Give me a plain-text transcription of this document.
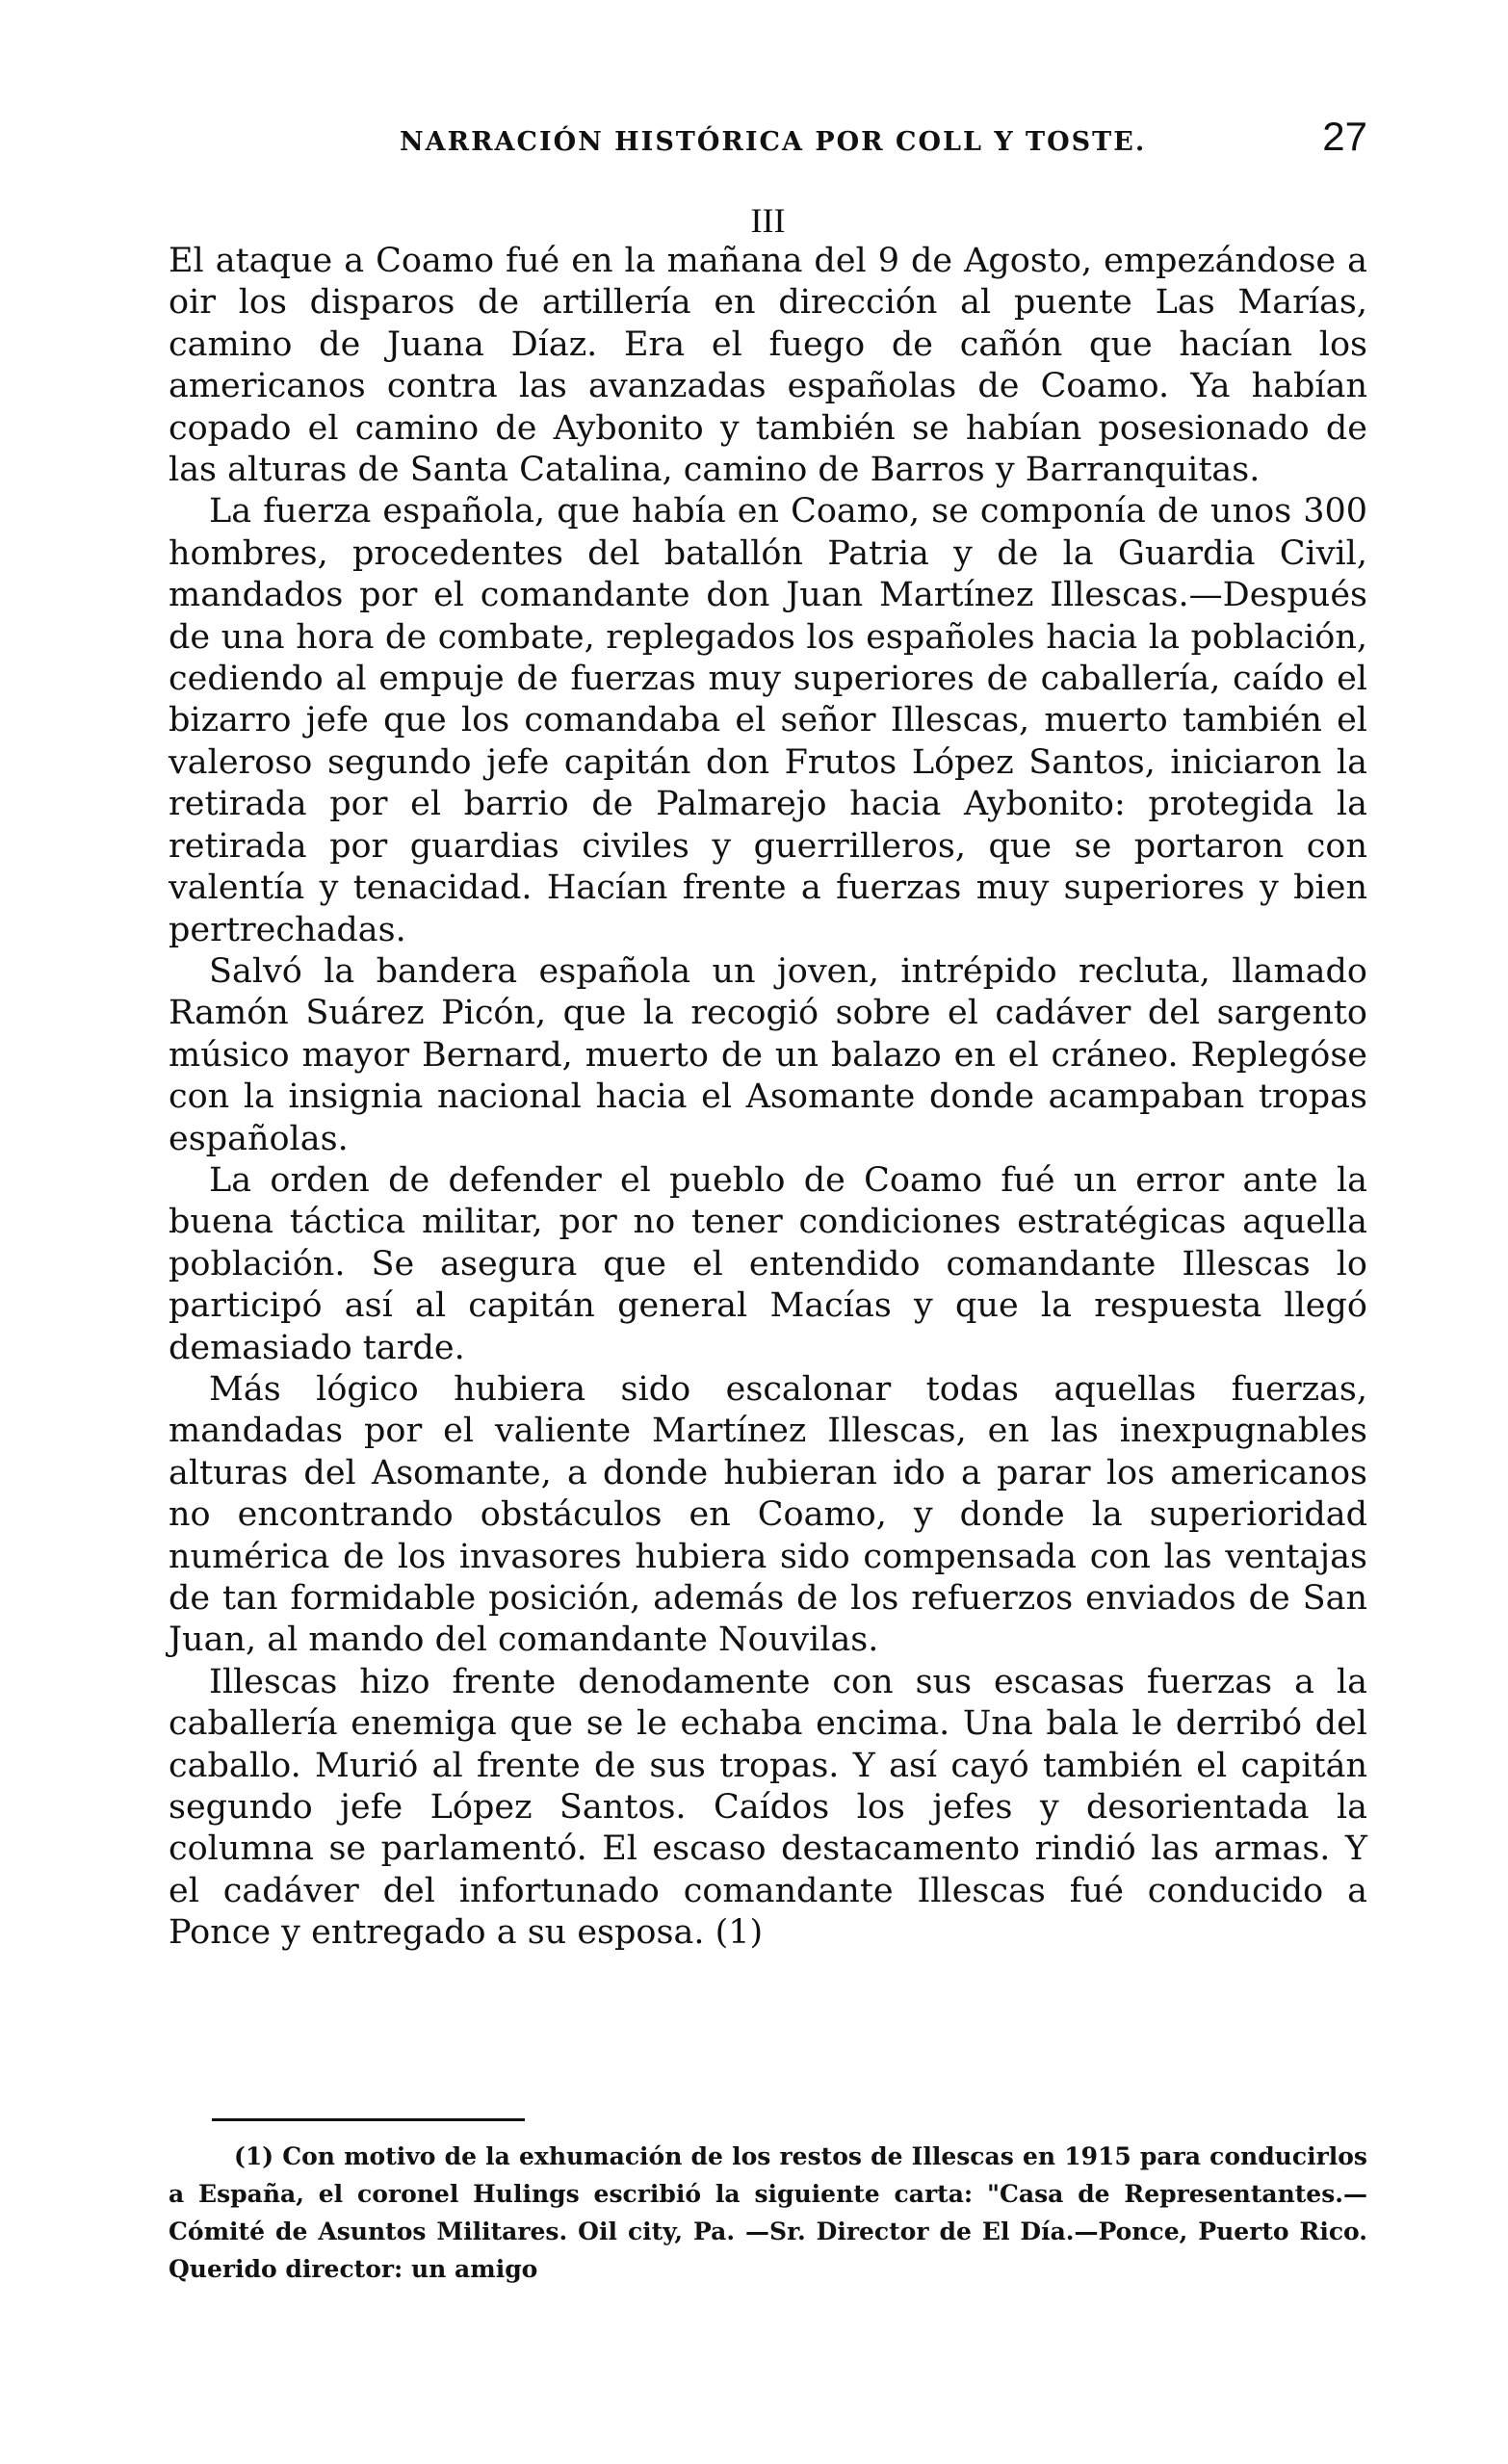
NARRACIÓN HISTÓRICA POR COLL Y TOSTE.	27
III

El ataque a Coamo fué en la mañana del 9 de Agosto, empezándose a oir los disparos de artillería en dirección al puente Las Marías, camino de Juana Díaz. Era el fuego de cañón que hacían los americanos contra las avanzadas españolas de Coamo. Ya habían copado el camino de Aybonito y también se habían posesionado de las alturas de Santa Catalina, camino de Barros y Barranquitas.

La fuerza española, que había en Coamo, se componía de unos 300 hombres, procedentes del batallón Patria y de la Guardia Civil, mandados por el comandante don Juan Martínez Illescas.—Después de una hora de combate, replegados los españoles hacia la población, cediendo al empuje de fuerzas muy superiores de caballería, caído el bizarro jefe que los comandaba el señor Illescas, muerto también el valeroso segundo jefe capitán don Frutos López Santos, iniciaron la retirada por el barrio de Palmarejo hacia Aybonito: protegida la retirada por guardias civiles y guerrilleros, que se portaron con valentía y tenacidad. Hacían frente a fuerzas muy superiores y bien pertrechadas.

Salvó la bandera española un joven, intrépido recluta, llamado Ramón Suárez Picón, que la recogió sobre el cadáver del sargento músico mayor Bernard, muerto de un balazo en el cráneo. Replegóse con la insignia nacional hacia el Asomante donde acampaban tropas españolas.

La orden de defender el pueblo de Coamo fué un error ante la buena táctica militar, por no tener condiciones estratégicas aquella población. Se asegura que el entendido comandante Illescas lo participó así al capitán general Macías y que la respuesta llegó demasiado tarde.

Más lógico hubiera sido escalonar todas aquellas fuerzas, mandadas por el valiente Martínez Illescas, en las inexpugnables alturas del Asomante, a donde hubieran ido a parar los americanos no encontrando obstáculos en Coamo, y donde la superioridad numérica de los invasores hubiera sido compensada con las ventajas de tan formidable posición, además de los refuerzos enviados de San Juan, al mando del comandante Nouvilas.

Illescas hizo frente denodamente con sus escasas fuerzas a la caballería enemiga que se le echaba encima. Una bala le derribó del caballo. Murió al frente de sus tropas. Y así cayó también el capitán segundo jefe López Santos. Caídos los jefes y desorientada la columna se parlamentó. El escaso destacamento rindió las armas. Y el cadáver del infortunado comandante Illescas fué conducido a Ponce y entregado a su esposa. (1)

(1) Con motivo de la exhumación de los restos de Illescas en 1915 para conducirlos a España, el coronel Hulings escribió la siguiente carta: "Casa de Representantes.—Cómité de Asuntos Militares. Oil city, Pa. —Sr. Director de El Día.—Ponce, Puerto Rico. Querido director: un amigo
